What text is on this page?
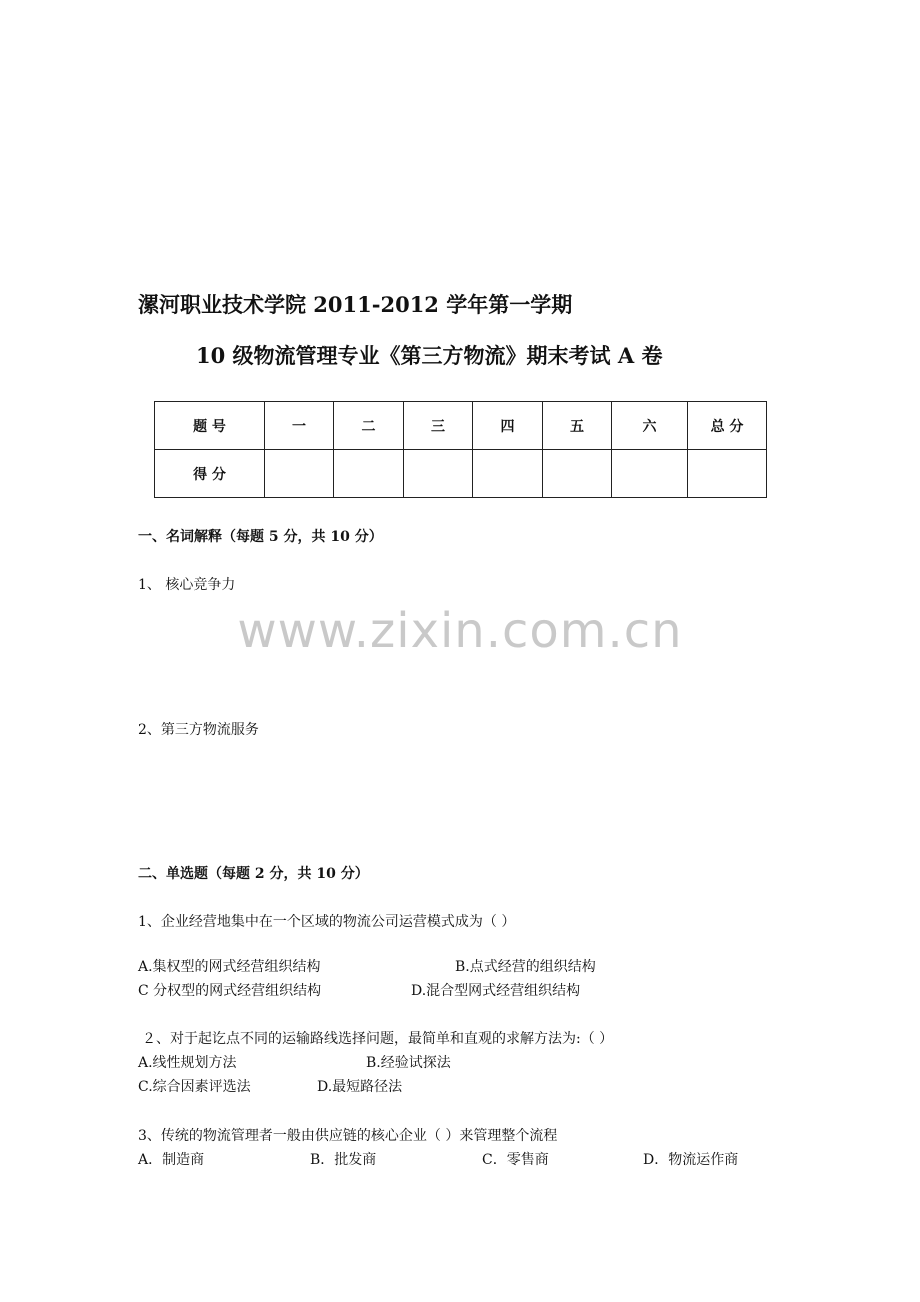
漯河职业技术学院 2011-2012 学年第一学期
10 级物流管理专业《第三方物流》期末考试 A 卷
题 号	一	二	三	四	五	六	总 分
得 分							
一、名词解释（每题 5 分，共 10 分）
1、 核心竞争力
www.zixin.com.cn
2、第三方物流服务
二、单选题（每题 2 分，共 10 分）
1、企业经营地集中在一个区域的物流公司运营模式成为（ ）
A.集权型的网式经营组织结构	B.点式经营的组织结构
C 分权型的网式经营组织结构	D.混合型网式经营组织结构
２、对于起讫点不同的运输路线选择问题，最简单和直观的求解方法为:（ ）
A.线性规划方法	B.经验试探法
C.综合因素评选法	D.最短路径法
3、传统的物流管理者一般由供应链的核心企业（ ）来管理整个流程
A．制造商	B．批发商	C．零售商	D．物流运作商
